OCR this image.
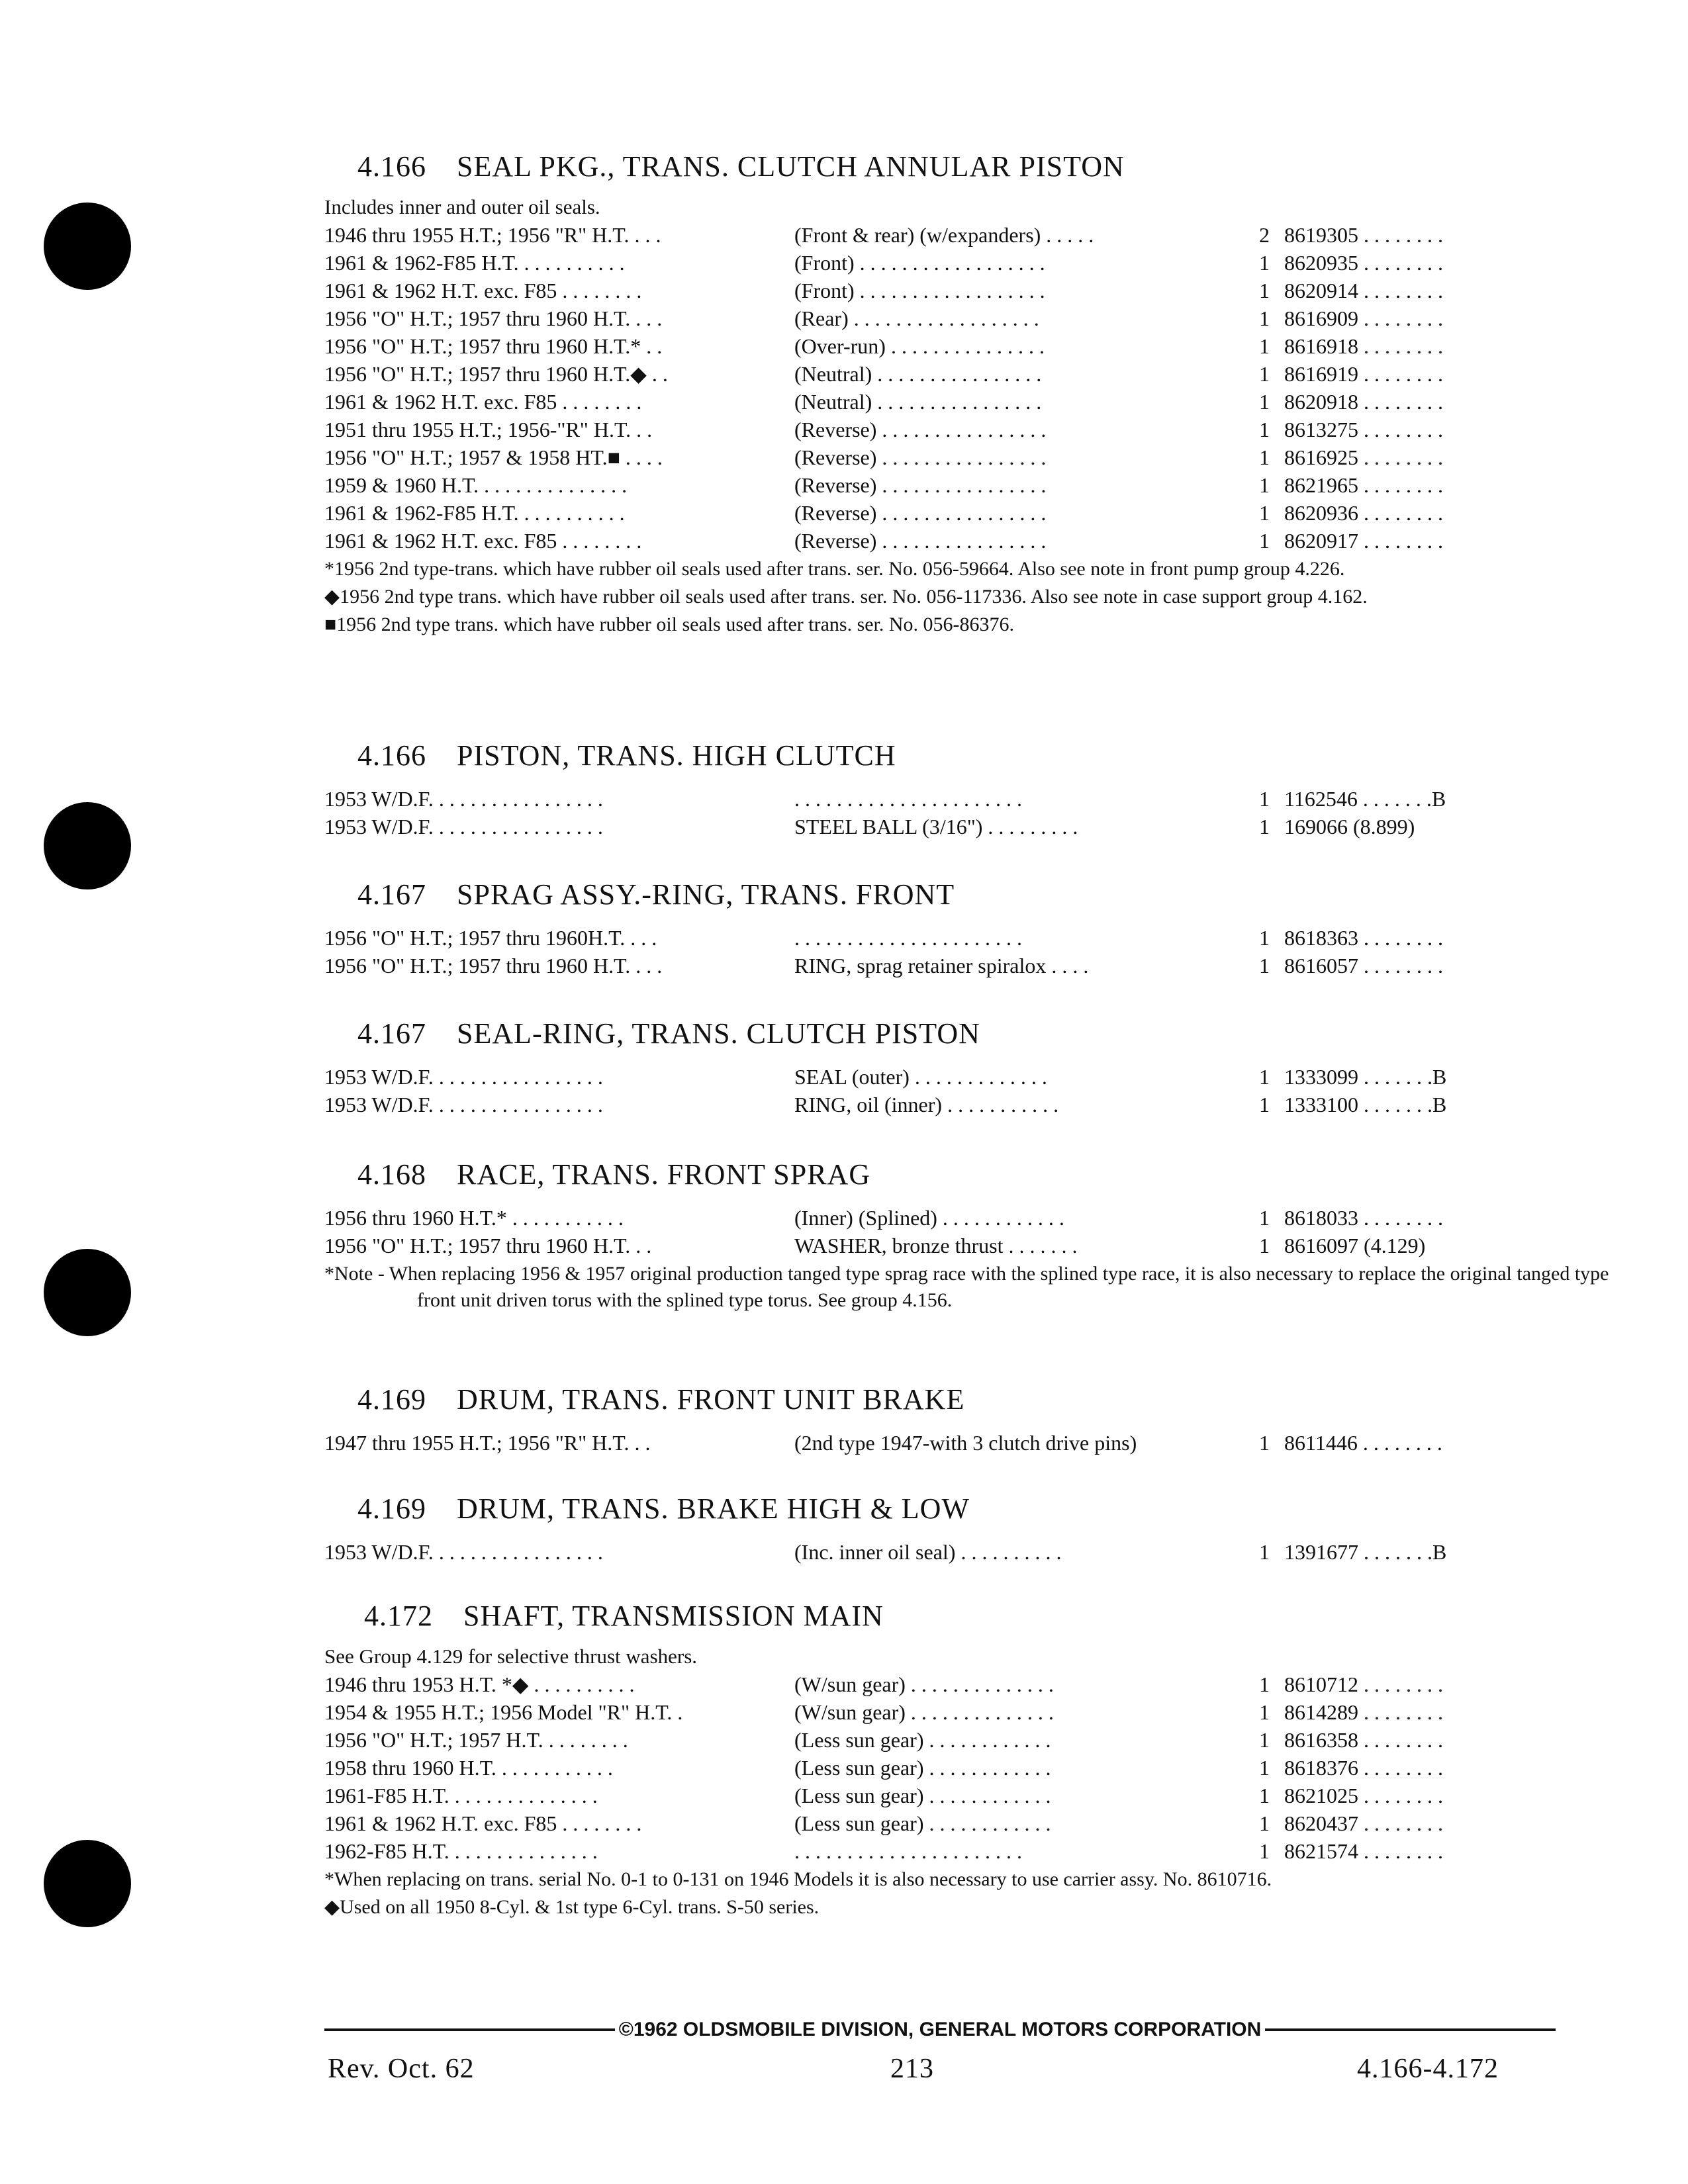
4.166 SEAL PKG., TRANS. CLUTCH ANNULAR PISTON
Includes inner and outer oil seals.
1946 thru 1955 H.T.; 1956 "R" H.T. . . .	(Front & rear) (w/expanders) . . . . .	2 8619305 . . . . . . . .
1961 & 1962-F85 H.T. . . . . . . . . . .	(Front) . . . . . . . . . . . . . . . . . .	1 8620935 . . . . . . . .
1961 & 1962 H.T. exc. F85 . . . . . . . .	(Front) . . . . . . . . . . . . . . . . . .	1 8620914 . . . . . . . .
1956 "O" H.T.; 1957 thru 1960 H.T. . . .	(Rear) . . . . . . . . . . . . . . . . . .	1 8616909 . . . . . . . .
1956 "O" H.T.; 1957 thru 1960 H.T.* . .	(Over-run) . . . . . . . . . . . . . . .	1 8616918 . . . . . . . .
1956 "O" H.T.; 1957 thru 1960 H.T.◆ . .	(Neutral) . . . . . . . . . . . . . . . .	1 8616919 . . . . . . . .
1961 & 1962 H.T. exc. F85 . . . . . . . .	(Neutral) . . . . . . . . . . . . . . . .	1 8620918 . . . . . . . .
1951 thru 1955 H.T.; 1956-"R" H.T. . .	(Reverse) . . . . . . . . . . . . . . . .	1 8613275 . . . . . . . .
1956 "O" H.T.; 1957 & 1958 HT.■ . . . .	(Reverse) . . . . . . . . . . . . . . . .	1 8616925 . . . . . . . .
1959 & 1960 H.T. . . . . . . . . . . . . . .	(Reverse) . . . . . . . . . . . . . . . .	1 8621965 . . . . . . . .
1961 & 1962-F85 H.T. . . . . . . . . . .	(Reverse) . . . . . . . . . . . . . . . .	1 8620936 . . . . . . . .
1961 & 1962 H.T. exc. F85 . . . . . . . .	(Reverse) . . . . . . . . . . . . . . . .	1 8620917 . . . . . . . .
*1956 2nd type-trans. which have rubber oil seals used after trans. ser. No. 056-59664. Also see note in front pump group 4.226.
◆1956 2nd type trans. which have rubber oil seals used after trans. ser. No. 056-117336. Also see note in case support group 4.162.
■1956 2nd type trans. which have rubber oil seals used after trans. ser. No. 056-86376.
4.166 PISTON, TRANS. HIGH CLUTCH
1953 W/D.F. . . . . . . . . . . . . . . . .	. . . . . . . . . . . . . . . . . . . . . .	1 1162546 . . . . . . .B
1953 W/D.F. . . . . . . . . . . . . . . . .	STEEL BALL (3/16") . . . . . . . . .	1 169066 (8.899)
4.167 SPRAG ASSY.-RING, TRANS. FRONT
1956 "O" H.T.; 1957 thru 1960H.T. . . .	. . . . . . . . . . . . . . . . . . . . . .	1 8618363 . . . . . . . .
1956 "O" H.T.; 1957 thru 1960 H.T. . . .	RING, sprag retainer spiralox . . . .	1 8616057 . . . . . . . .
4.167 SEAL-RING, TRANS. CLUTCH PISTON
1953 W/D.F. . . . . . . . . . . . . . . . .	SEAL (outer) . . . . . . . . . . . . .	1 1333099 . . . . . . .B
1953 W/D.F. . . . . . . . . . . . . . . . .	RING, oil (inner) . . . . . . . . . . .	1 1333100 . . . . . . .B
4.168 RACE, TRANS. FRONT SPRAG
1956 thru 1960 H.T.* . . . . . . . . . . .	(Inner) (Splined) . . . . . . . . . . . .	1 8618033 . . . . . . . .
1956 "O" H.T.; 1957 thru 1960 H.T. . .	WASHER, bronze thrust . . . . . . .	1 8616097 (4.129)
*Note - When replacing 1956 & 1957 original production tanged type sprag race with the splined type race, it is also necessary to replace the original tanged type front unit driven torus with the splined type torus. See group 4.156.
4.169 DRUM, TRANS. FRONT UNIT BRAKE
1947 thru 1955 H.T.; 1956 "R" H.T. . .	(2nd type 1947-with 3 clutch drive pins)	1 8611446 . . . . . . . .
4.169 DRUM, TRANS. BRAKE HIGH & LOW
1953 W/D.F. . . . . . . . . . . . . . . . .	(Inc. inner oil seal) . . . . . . . . . .	1 1391677 . . . . . . .B
4.172 SHAFT, TRANSMISSION MAIN
See Group 4.129 for selective thrust washers.
1946 thru 1953 H.T. *◆ . . . . . . . . . .	(W/sun gear) . . . . . . . . . . . . . .	1 8610712 . . . . . . . .
1954 & 1955 H.T.; 1956 Model "R" H.T. .	(W/sun gear) . . . . . . . . . . . . . .	1 8614289 . . . . . . . .
1956 "O" H.T.; 1957 H.T. . . . . . . . .	(Less sun gear) . . . . . . . . . . . .	1 8616358 . . . . . . . .
1958 thru 1960 H.T. . . . . . . . . . . .	(Less sun gear) . . . . . . . . . . . .	1 8618376 . . . . . . . .
1961-F85 H.T. . . . . . . . . . . . . . .	(Less sun gear) . . . . . . . . . . . .	1 8621025 . . . . . . . .
1961 & 1962 H.T. exc. F85 . . . . . . . .	(Less sun gear) . . . . . . . . . . . .	1 8620437 . . . . . . . .
1962-F85 H.T. . . . . . . . . . . . . . .	. . . . . . . . . . . . . . . . . . . . . .	1 8621574 . . . . . . . .
*When replacing on trans. serial No. 0-1 to 0-131 on 1946 Models it is also necessary to use carrier assy. No. 8610716.
◆Used on all 1950 8-Cyl. & 1st type 6-Cyl. trans. S-50 series.
©1962 OLDSMOBILE DIVISION, GENERAL MOTORS CORPORATION
Rev. Oct. 62	213	4.166-4.172
